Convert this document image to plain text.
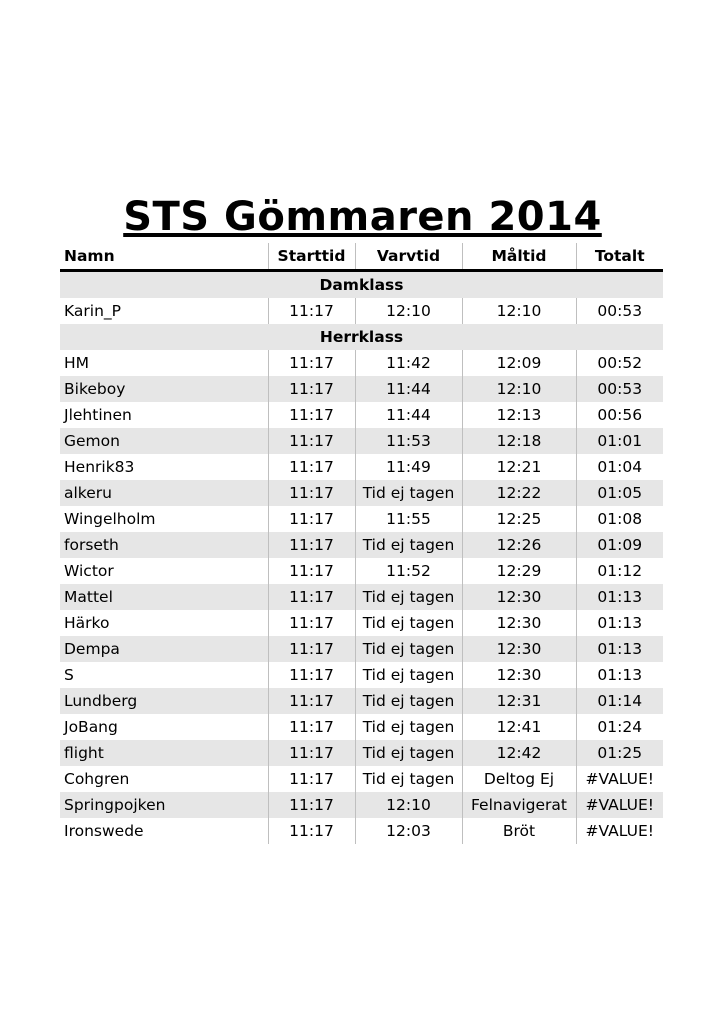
STS Gömmaren 2014
Namn	Starttid	Varvtid	Måltid	Totalt
Damklass				
Karin_P	11:17	12:10	12:10	00:53
Herrklass				
HM	11:17	11:42	12:09	00:52
Bikeboy	11:17	11:44	12:10	00:53
Jlehtinen	11:17	11:44	12:13	00:56
Gemon	11:17	11:53	12:18	01:01
Henrik83	11:17	11:49	12:21	01:04
alkeru	11:17	Tid ej tagen	12:22	01:05
Wingelholm	11:17	11:55	12:25	01:08
forseth	11:17	Tid ej tagen	12:26	01:09
Wictor	11:17	11:52	12:29	01:12
Mattel	11:17	Tid ej tagen	12:30	01:13
Härko	11:17	Tid ej tagen	12:30	01:13
Dempa	11:17	Tid ej tagen	12:30	01:13
S	11:17	Tid ej tagen	12:30	01:13
Lundberg	11:17	Tid ej tagen	12:31	01:14
JoBang	11:17	Tid ej tagen	12:41	01:24
flight	11:17	Tid ej tagen	12:42	01:25
Cohgren	11:17	Tid ej tagen	Deltog Ej	#VALUE!
Springpojken	11:17	12:10	Felnavigerat	#VALUE!
Ironswede	11:17	12:03	Bröt	#VALUE!
